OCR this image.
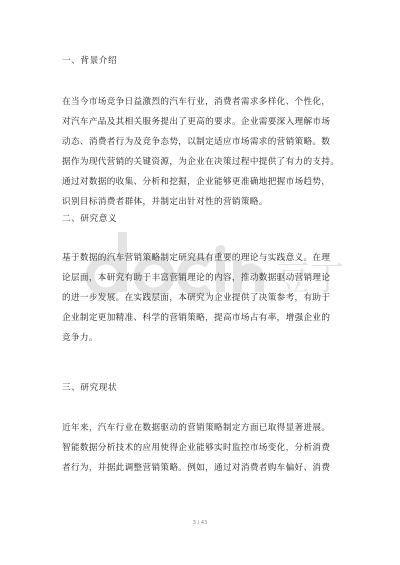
一、背景介绍
在当今市场竞争日益激烈的汽车行业，消费者需求多样化、个性化，
对汽车产品及其相关服务提出了更高的要求。企业需要深入理解市场
动态、消费者行为及竞争态势，以制定适应市场需求的营销策略。数
据作为现代营销的关键资源，为企业在决策过程中提供了有力的支持。
通过对数据的收集、分析和挖掘，企业能够更准确地把握市场趋势，
识别目标消费者群体，并制定出针对性的营销策略。
二、研究意义
基于数据的汽车营销策略制定研究具有重要的理论与实践意义。在理
论层面，本研究有助于丰富营销理论的内容，推动数据驱动营销理论
的进一步发展。在实践层面，本研究为企业提供了决策参考，有助于
企业制定更加精准、科学的营销策略，提高市场占有率，增强企业的
竞争力。
三、研究现状
近年来，汽车行业在数据驱动的营销策略制定方面已取得显著进展。
智能数据分析技术的应用使得企业能够实时监控市场变化，分析消费
者行为，并据此调整营销策略。例如，通过对消费者购车偏好、消费
豆丁
3 / 43
